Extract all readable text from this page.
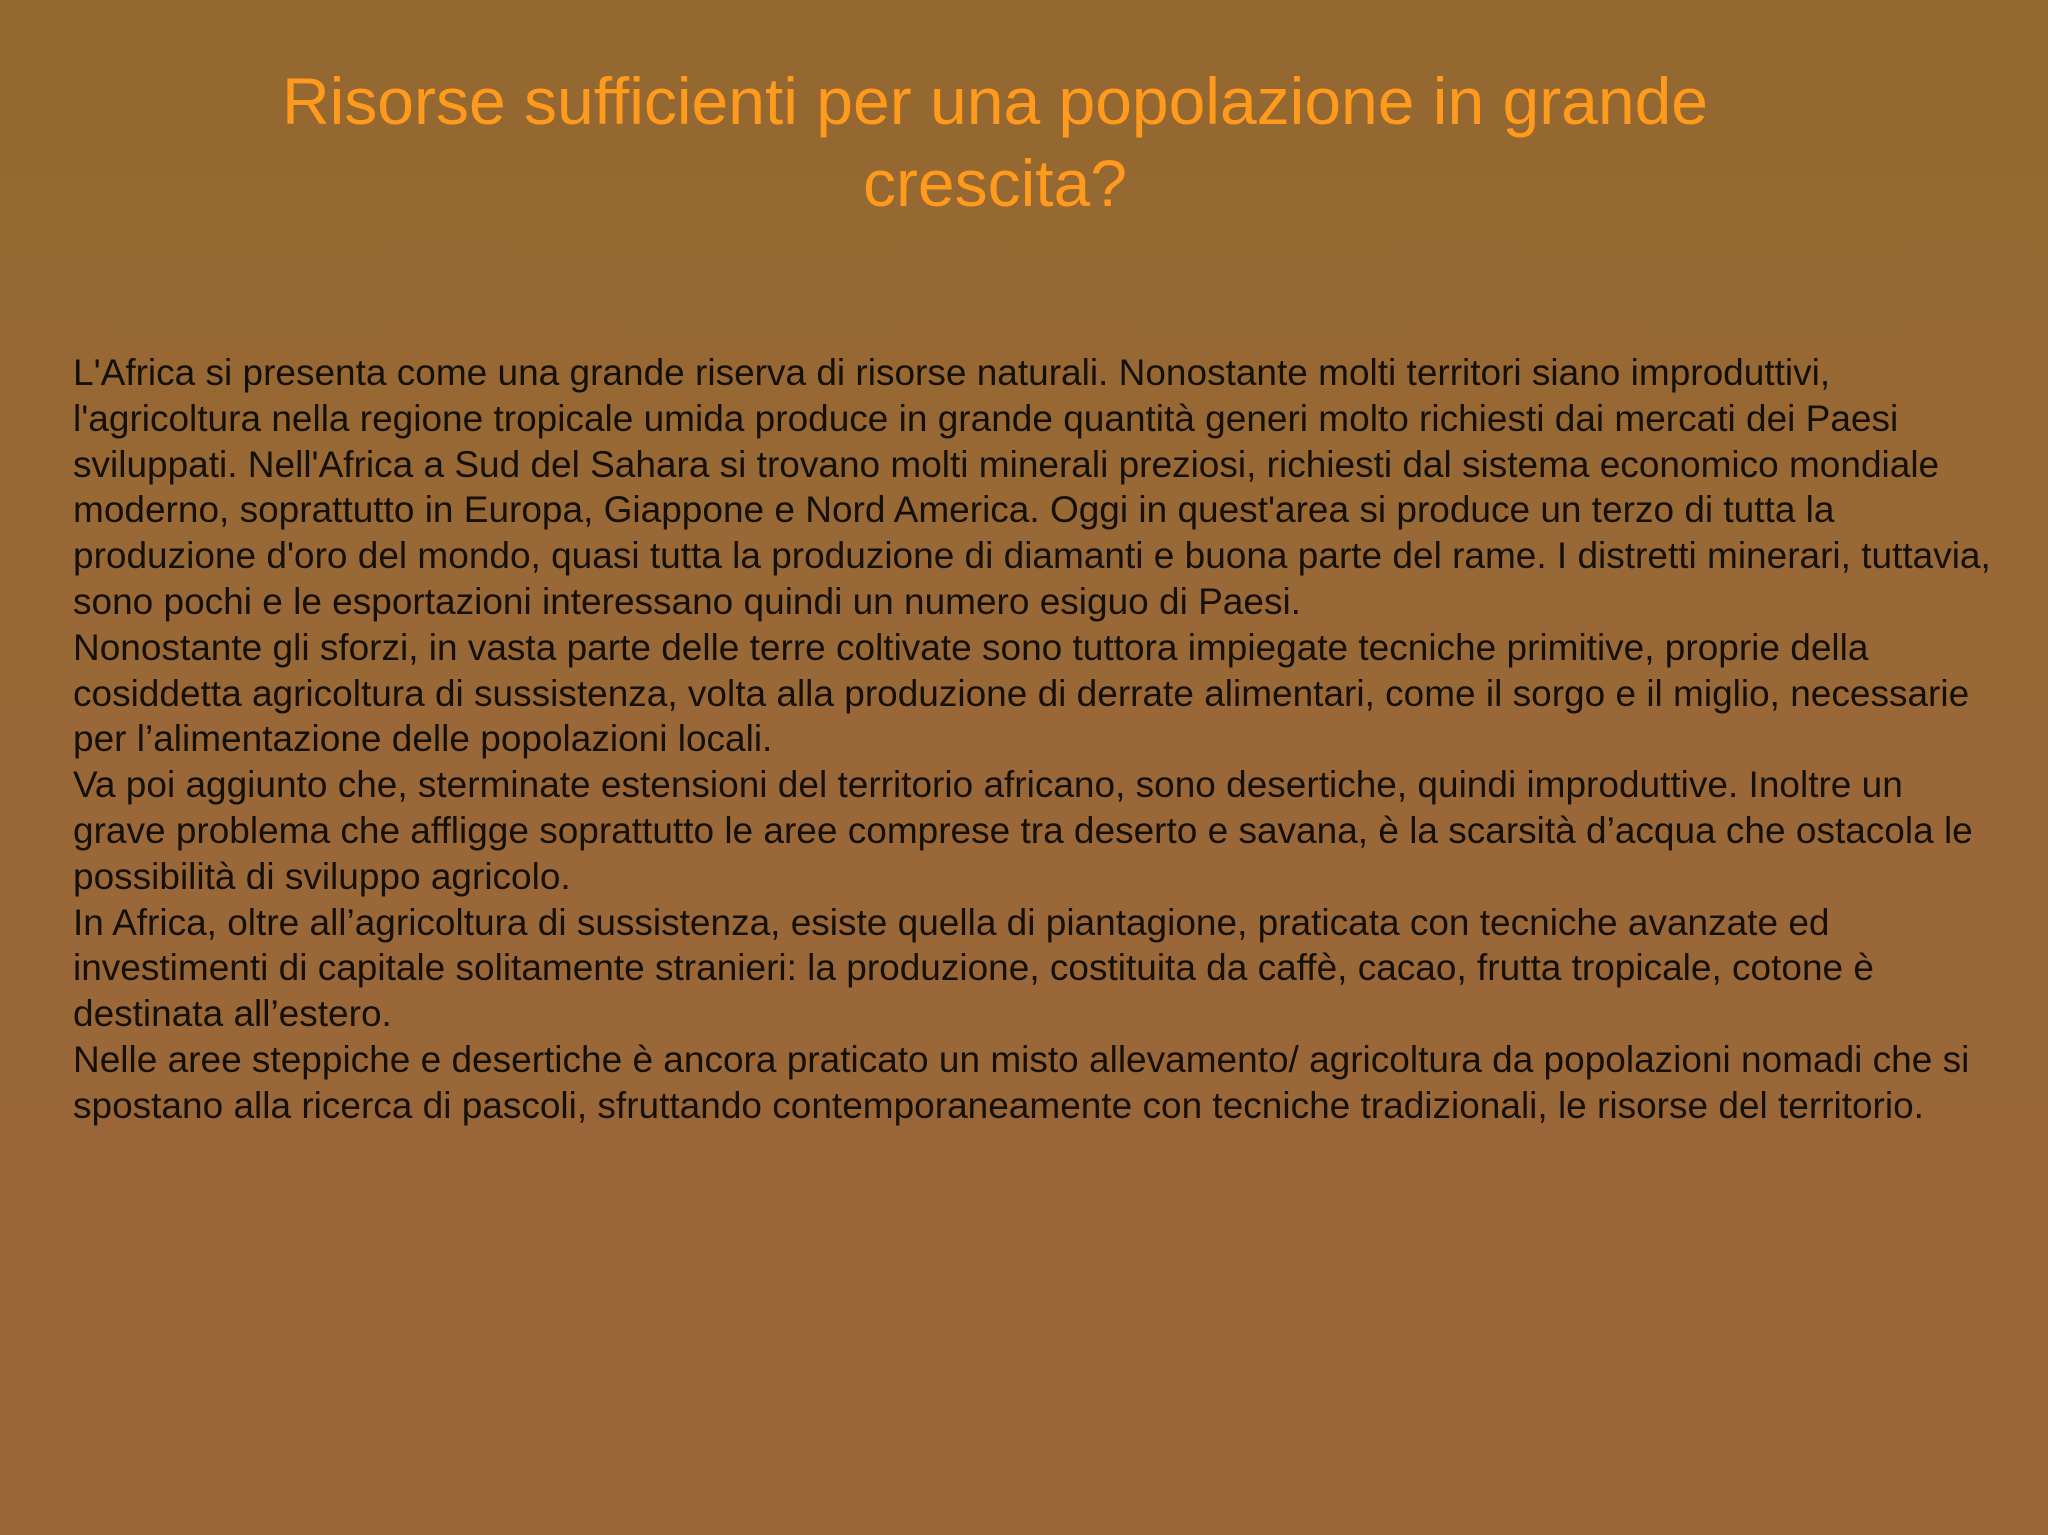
Risorse sufficienti per una popolazione in grande
crescita?

L'Africa si presenta come una grande riserva di risorse naturali. Nonostante molti territori siano improduttivi, l'agricoltura nella regione tropicale umida produce in grande quantità generi molto richiesti dai mercati dei Paesi sviluppati. Nell'Africa a Sud del Sahara si trovano molti minerali preziosi, richiesti dal sistema economico mondiale moderno, soprattutto in Europa, Giappone e Nord America. Oggi in quest'area si produce un terzo di tutta la produzione d'oro del mondo, quasi tutta la produzione di diamanti e buona parte del rame. I distretti minerari, tuttavia, sono pochi e le esportazioni interessano quindi un numero esiguo di Paesi.

Nonostante gli sforzi, in vasta parte delle terre coltivate sono tuttora impiegate tecniche primitive, proprie della cosiddetta agricoltura di sussistenza, volta alla produzione di derrate alimentari, come il sorgo e il miglio, necessarie per l’alimentazione delle popolazioni locali.

Va poi aggiunto che, sterminate estensioni del territorio africano, sono desertiche, quindi improduttive. Inoltre un grave problema che affligge soprattutto le aree comprese tra deserto e savana, è la scarsità d’acqua che ostacola le possibilità di sviluppo agricolo.

In Africa, oltre all’agricoltura di sussistenza, esiste quella di piantagione, praticata con tecniche avanzate ed investimenti di capitale solitamente stranieri: la produzione, costituita da caffè, cacao, frutta tropicale, cotone è destinata all’estero.

Nelle aree steppiche e desertiche è ancora praticato un misto allevamento/ agricoltura da popolazioni nomadi che si spostano alla ricerca di pascoli, sfruttando contemporaneamente con tecniche tradizionali, le risorse del territorio.
